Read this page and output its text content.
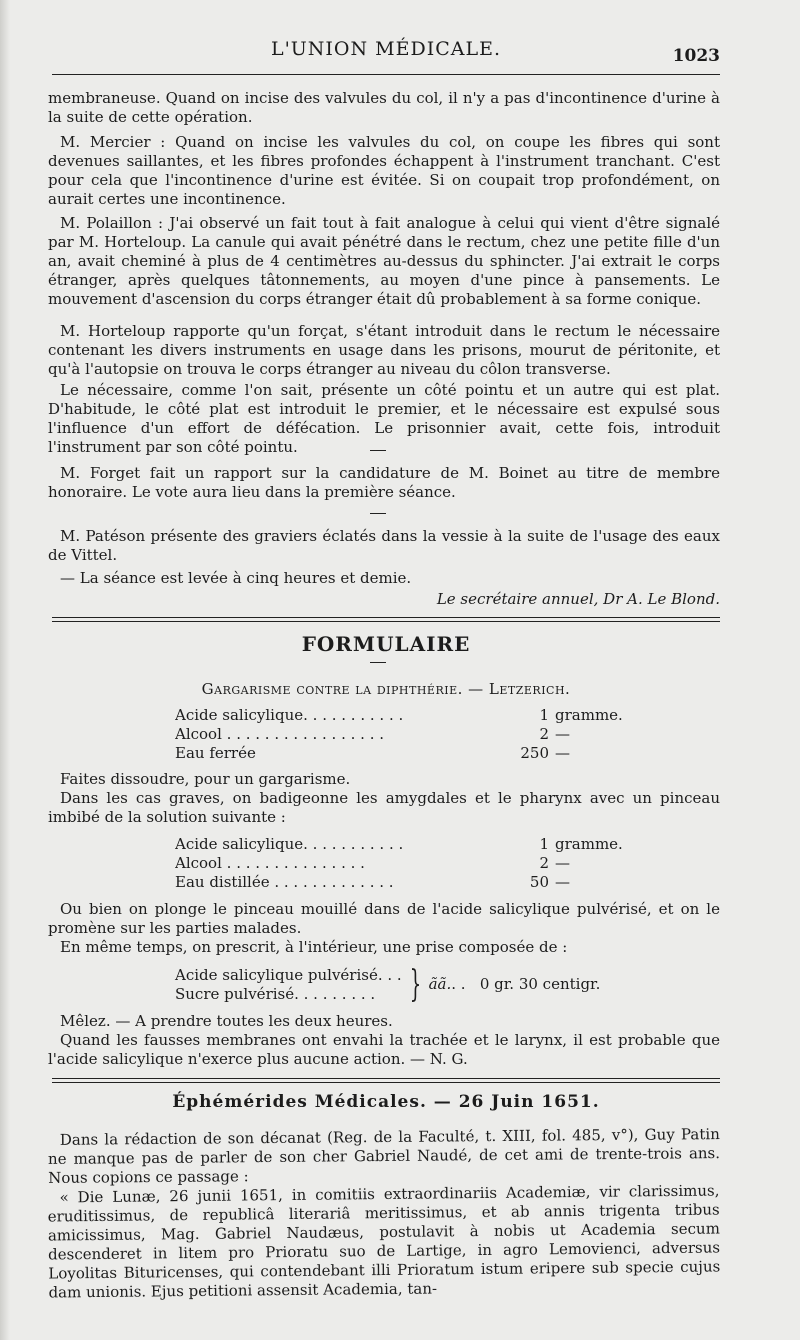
L'UNION MÉDICALE.	1023
membraneuse. Quand on incise des valvules du col, il n'y a pas d'incontinence d'urine à la suite de cette opération.
M. Mercier : Quand on incise les valvules du col, on coupe les fibres qui sont devenues saillantes, et les fibres profondes échappent à l'instrument tranchant. C'est pour cela que l'incontinence d'urine est évitée. Si on coupait trop profondément, on aurait certes une incontinence.
M. Polaillon : J'ai observé un fait tout à fait analogue à celui qui vient d'être signalé par M. Horteloup. La canule qui avait pénétré dans le rectum, chez une petite fille d'un an, avait cheminé à plus de 4 centimètres au-dessus du sphincter. J'ai extrait le corps étranger, après quelques tâtonnements, au moyen d'une pince à pansements. Le mouvement d'ascension du corps étranger était dû probablement à sa forme conique.
M. Horteloup rapporte qu'un forçat, s'étant introduit dans le rectum le nécessaire contenant les divers instruments en usage dans les prisons, mourut de péritonite, et qu'à l'autopsie on trouva le corps étranger au niveau du côlon transverse.
Le nécessaire, comme l'on sait, présente un côté pointu et un autre qui est plat. D'habitude, le côté plat est introduit le premier, et le nécessaire est expulsé sous l'influence d'un effort de défécation. Le prisonnier avait, cette fois, introduit l'instrument par son côté pointu.
M. Forget fait un rapport sur la candidature de M. Boinet au titre de membre honoraire. Le vote aura lieu dans la première séance.
M. Patéson présente des graviers éclatés dans la vessie à la suite de l'usage des eaux de Vittel.
— La séance est levée à cinq heures et demie.
Le secrétaire annuel, Dr A. Le Blond.
FORMULAIRE
Gargarisme contre la diphthérie. — Letzerich.
Acide salicylique. . . . . . . . . . .	1 gramme.
Alcool . . . . . . . . . . . . . . . . .	2 —
Eau ferrée	250 —
Faites dissoudre, pour un gargarisme.
Dans les cas graves, on badigeonne les amygdales et le pharynx avec un pinceau imbibé de la solution suivante :
Acide salicylique. . . . . . . . . . .	1 gramme.
Alcool . . . . . . . . . . . . . . .	2 —
Eau distillée . . . . . . . . . . . . .	50 —
Ou bien on plonge le pinceau mouillé dans de l'acide salicylique pulvérisé, et on le promène sur les parties malades.
En même temps, on prescrit, à l'intérieur, une prise composée de :
Acide salicylique pulvérisé. . .
Sucre pulvérisé. . . . . . . . . } ãã.. .   0 gr. 30 centigr.
Mêlez. — A prendre toutes les deux heures.
Quand les fausses membranes ont envahi la trachée et le larynx, il est probable que l'acide salicylique n'exerce plus aucune action. — N. G.
Éphémérides Médicales. — 26 Juin 1651.
Dans la rédaction de son décanat (Reg. de la Faculté, t. XIII, fol. 485, v°), Guy Patin ne manque pas de parler de son cher Gabriel Naudé, de cet ami de trente-trois ans. Nous copions ce passage :
« Die Lunæ, 26 junii 1651, in comitiis extraordinariis Academiæ, vir clarissimus, eruditissimus, de republicâ literariâ meritissimus, et ab annis trigenta tribus amicissimus, Mag. Gabriel Naudæus, postulavit à nobis ut Academia secum descenderet in litem pro Prioratu suo de Lartige, in agro Lemovienci, adversus Loyolitas Bituricenses, qui contendebant illi Prioratum istum eripere sub specie cujus dam unionis. Ejus petitioni assensit Academia, tan-
